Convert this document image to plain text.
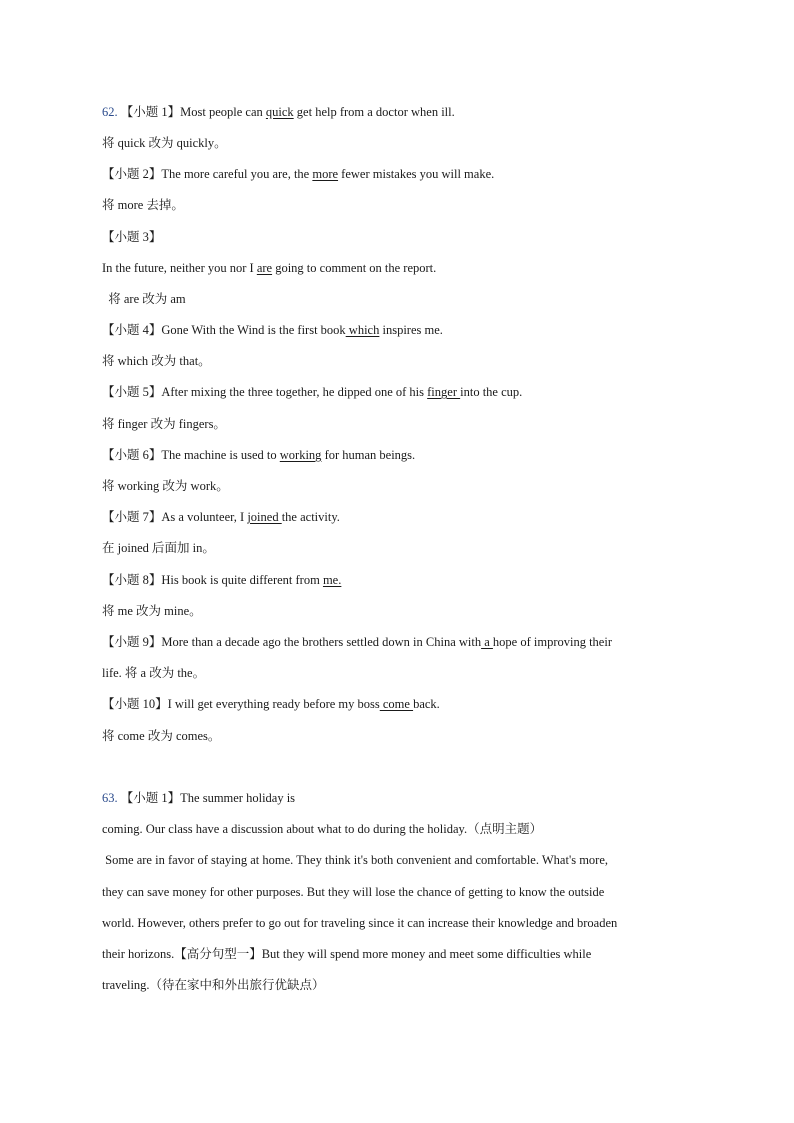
62. 【小题 1】Most people can quick get help from a doctor when ill.
将 quick 改为 quickly。
【小题 2】The more careful you are, the more fewer mistakes you will make.
将 more 去掉。
【小题 3】
In the future, neither you nor I are going to comment on the report.
将 are 改为 am
【小题 4】Gone With the Wind is the first book which inspires me.
将 which 改为 that。
【小题 5】After mixing the three together, he dipped one of his finger into the cup.
将 finger 改为 fingers。
【小题 6】The machine is used to working for human beings.
将 working 改为 work。
【小题 7】As a volunteer, I joined the activity.
在 joined 后面加 in。
【小题 8】His book is quite different from me.
将 me 改为 mine。
【小题 9】More than a decade ago the brothers settled down in China with a hope of improving their
life. 将 a 改为 the。
【小题 10】I will get everything ready before my boss come back.
将 come 改为 comes。
63. 【小题 1】The summer holiday is
coming. Our class have a discussion about what to do during the holiday.（点明主题）
Some are in favor of staying at home. They think it's both convenient and comfortable. What's more,
they can save money for other purposes. But they will lose the chance of getting to know the outside
world. However, others prefer to go out for traveling since it can increase their knowledge and broaden
their horizons.【高分句型一】But they will spend more money and meet some difficulties while
traveling.（待在家中和外出旅行优缺点）
